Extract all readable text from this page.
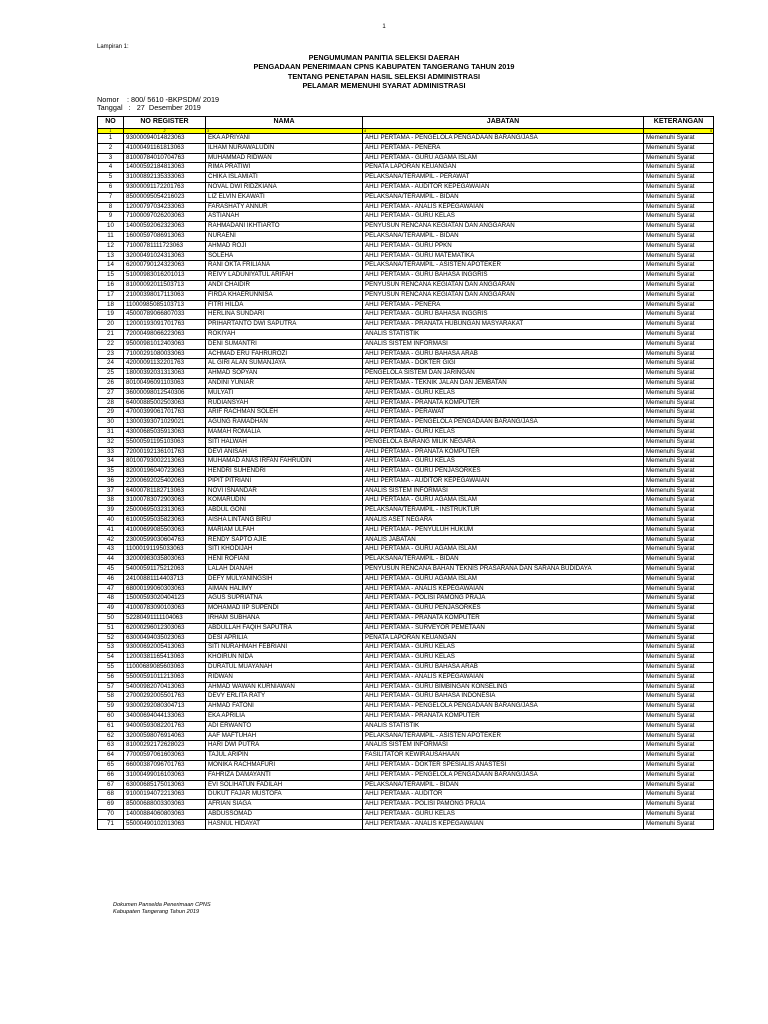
1
Lampiran 1:
PENGUMUMAN PANITIA SELEKSI DAERAH
PENGADAAN PENERIMAAN CPNS KABUPATEN TANGERANG TAHUN 2019
TENTANG PENETAPAN HASIL SELEKSI ADMINISTRASI
PELAMAR MEMENUHI SYARAT ADMINISTRASI
Nomor    : 800/ 5610 -BKPSDM/ 2019
Tanggal   :   27  Desember 2019
NO	NO REGISTER	NAMA	JABATAN	KETERANGAN
1	2	3	4	5
1	93000094014823063	EKA APRIYANI	AHLI PERTAMA - PENGELOLA PENGADAAN BARANG/JASA	Memenuhi Syarat
2	41000491161813063	ILHAM NURAWALUDIN	AHLI PERTAMA - PENERA	Memenuhi Syarat
3	81000784010704763	MUHAMMAD RIDWAN	AHLI PERTAMA - GURU AGAMA ISLAM	Memenuhi Syarat
4	14000592184813063	RIMA PRATIWI	PENATA LAPORAN KEUANGAN	Memenuhi Syarat
5	31000892135333063	CHIKA ISLAMIATI	PELAKSANA/TERAMPIL - PERAWAT	Memenuhi Syarat
6	93000091172201763	NOVAL DWI RIDZKIANA	AHLI PERTAMA - AUDITOR KEPEGAWAIAN	Memenuhi Syarat
7	85000095054216023	LIZ ELVIN EKAWATI	PELAKSANA/TERAMPIL - BIDAN	Memenuhi Syarat
8	12000797034233063	FARASHATY ANNUR	AHLI PERTAMA - ANALIS KEPEGAWAIAN	Memenuhi Syarat
9	71000097026203063	ASTIANAH	AHLI PERTAMA - GURU KELAS	Memenuhi Syarat
10	14000592062323063	RAHMADANI IKHTIARTO	PENYUSUN RENCANA KEGIATAN DAN ANGGARAN	Memenuhi Syarat
11	16000597086913063	NURAENI	PELAKSANA/TERAMPIL - BIDAN	Memenuhi Syarat
12	71000781111723063	AHMAD ROJI	AHLI PERTAMA - GURU PPKN	Memenuhi Syarat
13	32000491024313063	SOLEHA	AHLI PERTAMA - GURU MATEMATIKA	Memenuhi Syarat
14	62000790124323063	RANI OKTA FRILIANA	PELAKSANA/TERAMPIL - ASISTEN APOTEKER	Memenuhi Syarat
15	51000983016201013	REIVY LADUNIYATUL ARIFAH	AHLI PERTAMA - GURU BAHASA INGGRIS	Memenuhi Syarat
16	81000092011503713	ANDI CHAIDIR	PENYUSUN RENCANA KEGIATAN DAN ANGGARAN	Memenuhi Syarat
17	21000398017113063	FIRDA KHAERUNNISA	PENYUSUN RENCANA KEGIATAN DAN ANGGARAN	Memenuhi Syarat
18	11000985085103713	FITRI HILDA	AHLI PERTAMA - PENERA	Memenuhi Syarat
19	45000789066807033	HERLINA SUNDARI	AHLI PERTAMA - GURU BAHASA INGGRIS	Memenuhi Syarat
20	12000193091701763	PRIHARTANTO DWI SAPUTRA	AHLI PERTAMA - PRANATA HUBUNGAN MASYARAKAT	Memenuhi Syarat
21	72000498066223063	ROKIYAH	ANALIS STATISTIK	Memenuhi Syarat
22	95000981012403063	DENI SUMANTRI	ANALIS SISTEM INFORMASI	Memenuhi Syarat
23	71000291080033063	ACHMAD ERU FAHRUROZI	AHLI PERTAMA - GURU BAHASA ARAB	Memenuhi Syarat
24	42000091132201763	AL GIRI ALAN SUMANJAYA	AHLI PERTAMA - DOKTER GIGI	Memenuhi Syarat
25	18000392031313063	AHMAD SOPYAN	PENGELOLA SISTEM DAN JARINGAN	Memenuhi Syarat
26	80100496091103063	ANDINI YUNIAR	AHLI PERTAMA - TEKNIK JALAN DAN JEMBATAN	Memenuhi Syarat
27	36000098012540306	MULYATI	AHLI PERTAMA - GURU KELAS	Memenuhi Syarat
28	64000885002503063	RUDIANSYAH	AHLI PERTAMA - PRANATA KOMPUTER	Memenuhi Syarat
29	47000399061701763	ARIF RACHMAN SOLEH	AHLI PERTAMA - PERAWAT	Memenuhi Syarat
30	13000393071029021	AGUNG RAMADHAN	AHLI PERTAMA - PENGELOLA PENGADAAN BARANG/JASA	Memenuhi Syarat
31	43000685035913063	MAMAH ROMALIA	AHLI PERTAMA - GURU KELAS	Memenuhi Syarat
32	55000591195103063	SITI HALWAH	PENGELOLA BARANG MILIK NEGARA	Memenuhi Syarat
33	72000192136101763	DEVI ANISAH	AHLI PERTAMA - PRANATA KOMPUTER	Memenuhi Syarat
34	80100793002213063	MUHAMAD ANAS IRFAN FAHRUDIN	AHLI PERTAMA - GURU KELAS	Memenuhi Syarat
35	82000196040723063	HENDRI SUHENDRI	AHLI PERTAMA - GURU PENJASORKES	Memenuhi Syarat
36	22000692025402063	PIPIT PITRIANI	AHLI PERTAMA - AUDITOR KEPEGAWAIAN	Memenuhi Syarat
37	64000781182713063	NOVI ISNANDAR	ANALIS SISTEM INFORMASI	Memenuhi Syarat
38	31000783072903063	KOMARUDIN	AHLI PERTAMA - GURU AGAMA ISLAM	Memenuhi Syarat
39	25000695032313063	ABDUL GONI	PELAKSANA/TERAMPIL - INSTRUKTUR	Memenuhi Syarat
40	61000595035823063	AISHA LINTANG BIRU	ANALIS ASET NEGARA	Memenuhi Syarat
41	41000699085503063	MARIAM ULFAH	AHLI PERTAMA - PENYULUH HUKUM	Memenuhi Syarat
42	23000599030604763	RENDY SAPTO AJIE	ANALIS JABATAN	Memenuhi Syarat
43	11000191195033063	SITI KHODIJAH	AHLI PERTAMA - GURU AGAMA ISLAM	Memenuhi Syarat
44	32000983035803063	HENI ROFIANI	PELAKSANA/TERAMPIL - BIDAN	Memenuhi Syarat
45	54000591175212063	LALAH DIANAH	PENYUSUN RENCANA BAHAN TEKNIS PRASARANA DAN SARANA BUDIDAYA	Memenuhi Syarat
46	24100881114403713	DEFY MULYANINGSIH	AHLI PERTAMA - GURU AGAMA ISLAM	Memenuhi Syarat
47	68000199060303063	AIMAN HALIMY	AHLI PERTAMA - ANALIS KEPEGAWAIAN	Memenuhi Syarat
48	15000593020404123	AGUS SUPRIATNA	AHLI PERTAMA - POLISI PAMONG PRAJA	Memenuhi Syarat
49	41000783090103063	MOHAMAD IIP SUPENDI	AHLI PERTAMA - GURU PENJASORKES	Memenuhi Syarat
50	52280491111104063	IRHAM SUBHANA	AHLI PERTAMA - PRANATA KOMPUTER	Memenuhi Syarat
51	62000296012303063	ABDULLAH FAQIH SAPUTRA	AHLI PERTAMA - SURVEYOR PEMETAAN	Memenuhi Syarat
52	63000494035023063	DESI APRILIA	PENATA LAPORAN KEUANGAN	Memenuhi Syarat
53	93000692005413063	SITI NURAHMAH FEBRIANI	AHLI PERTAMA - GURU KELAS	Memenuhi Syarat
54	12000381165413063	KHOIRUN NIDA	AHLI PERTAMA - GURU KELAS	Memenuhi Syarat
55	11000689085603063	DURATUL MUAYANAH	AHLI PERTAMA - GURU BAHASA ARAB	Memenuhi Syarat
56	55000591011213063	RIDWAN	AHLI PERTAMA - ANALIS KEPEGAWAIAN	Memenuhi Syarat
57	54000982070413063	AHMAD WAWAN KURNIAWAN	AHLI PERTAMA - GURU BIMBINGAN KONSELING	Memenuhi Syarat
58	27000292005501763	DEVY ERLITA RATY	AHLI PERTAMA - GURU BAHASA INDONESIA	Memenuhi Syarat
59	93000292080304713	AHMAD FATONI	AHLI PERTAMA - PENGELOLA PENGADAAN BARANG/JASA	Memenuhi Syarat
60	34000694044133063	EKA APRILIA	AHLI PERTAMA - PRANATA KOMPUTER	Memenuhi Syarat
61	94000593082201763	ADI ERWANTO	ANALIS STATISTIK	Memenuhi Syarat
62	32000598076914063	AAF MAFTUHAH	PELAKSANA/TERAMPIL - ASISTEN APOTEKER	Memenuhi Syarat
63	81000292172628023	HARI DWI PUTRA	ANALIS SISTEM INFORMASI	Memenuhi Syarat
64	77000597061603063	TAJUL ARIPIN	FASILITATOR KEWIRAUSAHAAN	Memenuhi Syarat
65	66000387096701763	MONIKA RACHMAFURI	AHLI PERTAMA - DOKTER SPESIALIS ANASTESI	Memenuhi Syarat
66	31000499016103063	FAHRIZA DAMAYANTI	AHLI PERTAMA - PENGELOLA PENGADAAN BARANG/JASA	Memenuhi Syarat
67	63000685175013063	EVI SOLIHATUN FADILAH	PELAKSANA/TERAMPIL - BIDAN	Memenuhi Syarat
68	91000194072213063	DUKUT FAJAR MUSTOFA	AHLI PERTAMA - AUDITOR	Memenuhi Syarat
69	85000688003303063	AFRIAN SIAGA	AHLI PERTAMA - POLISI PAMONG PRAJA	Memenuhi Syarat
70	14000884060803063	ABDUSSOMAD	AHLI PERTAMA - GURU KELAS	Memenuhi Syarat
71	55000490102013063	HASNUL HIDAYAT	AHLI PERTAMA - ANALIS KEPEGAWAIAN	Memenuhi Syarat
Dokumen Panselda Penerimaan CPNS
Kabupaten Tangerang Tahun 2019
